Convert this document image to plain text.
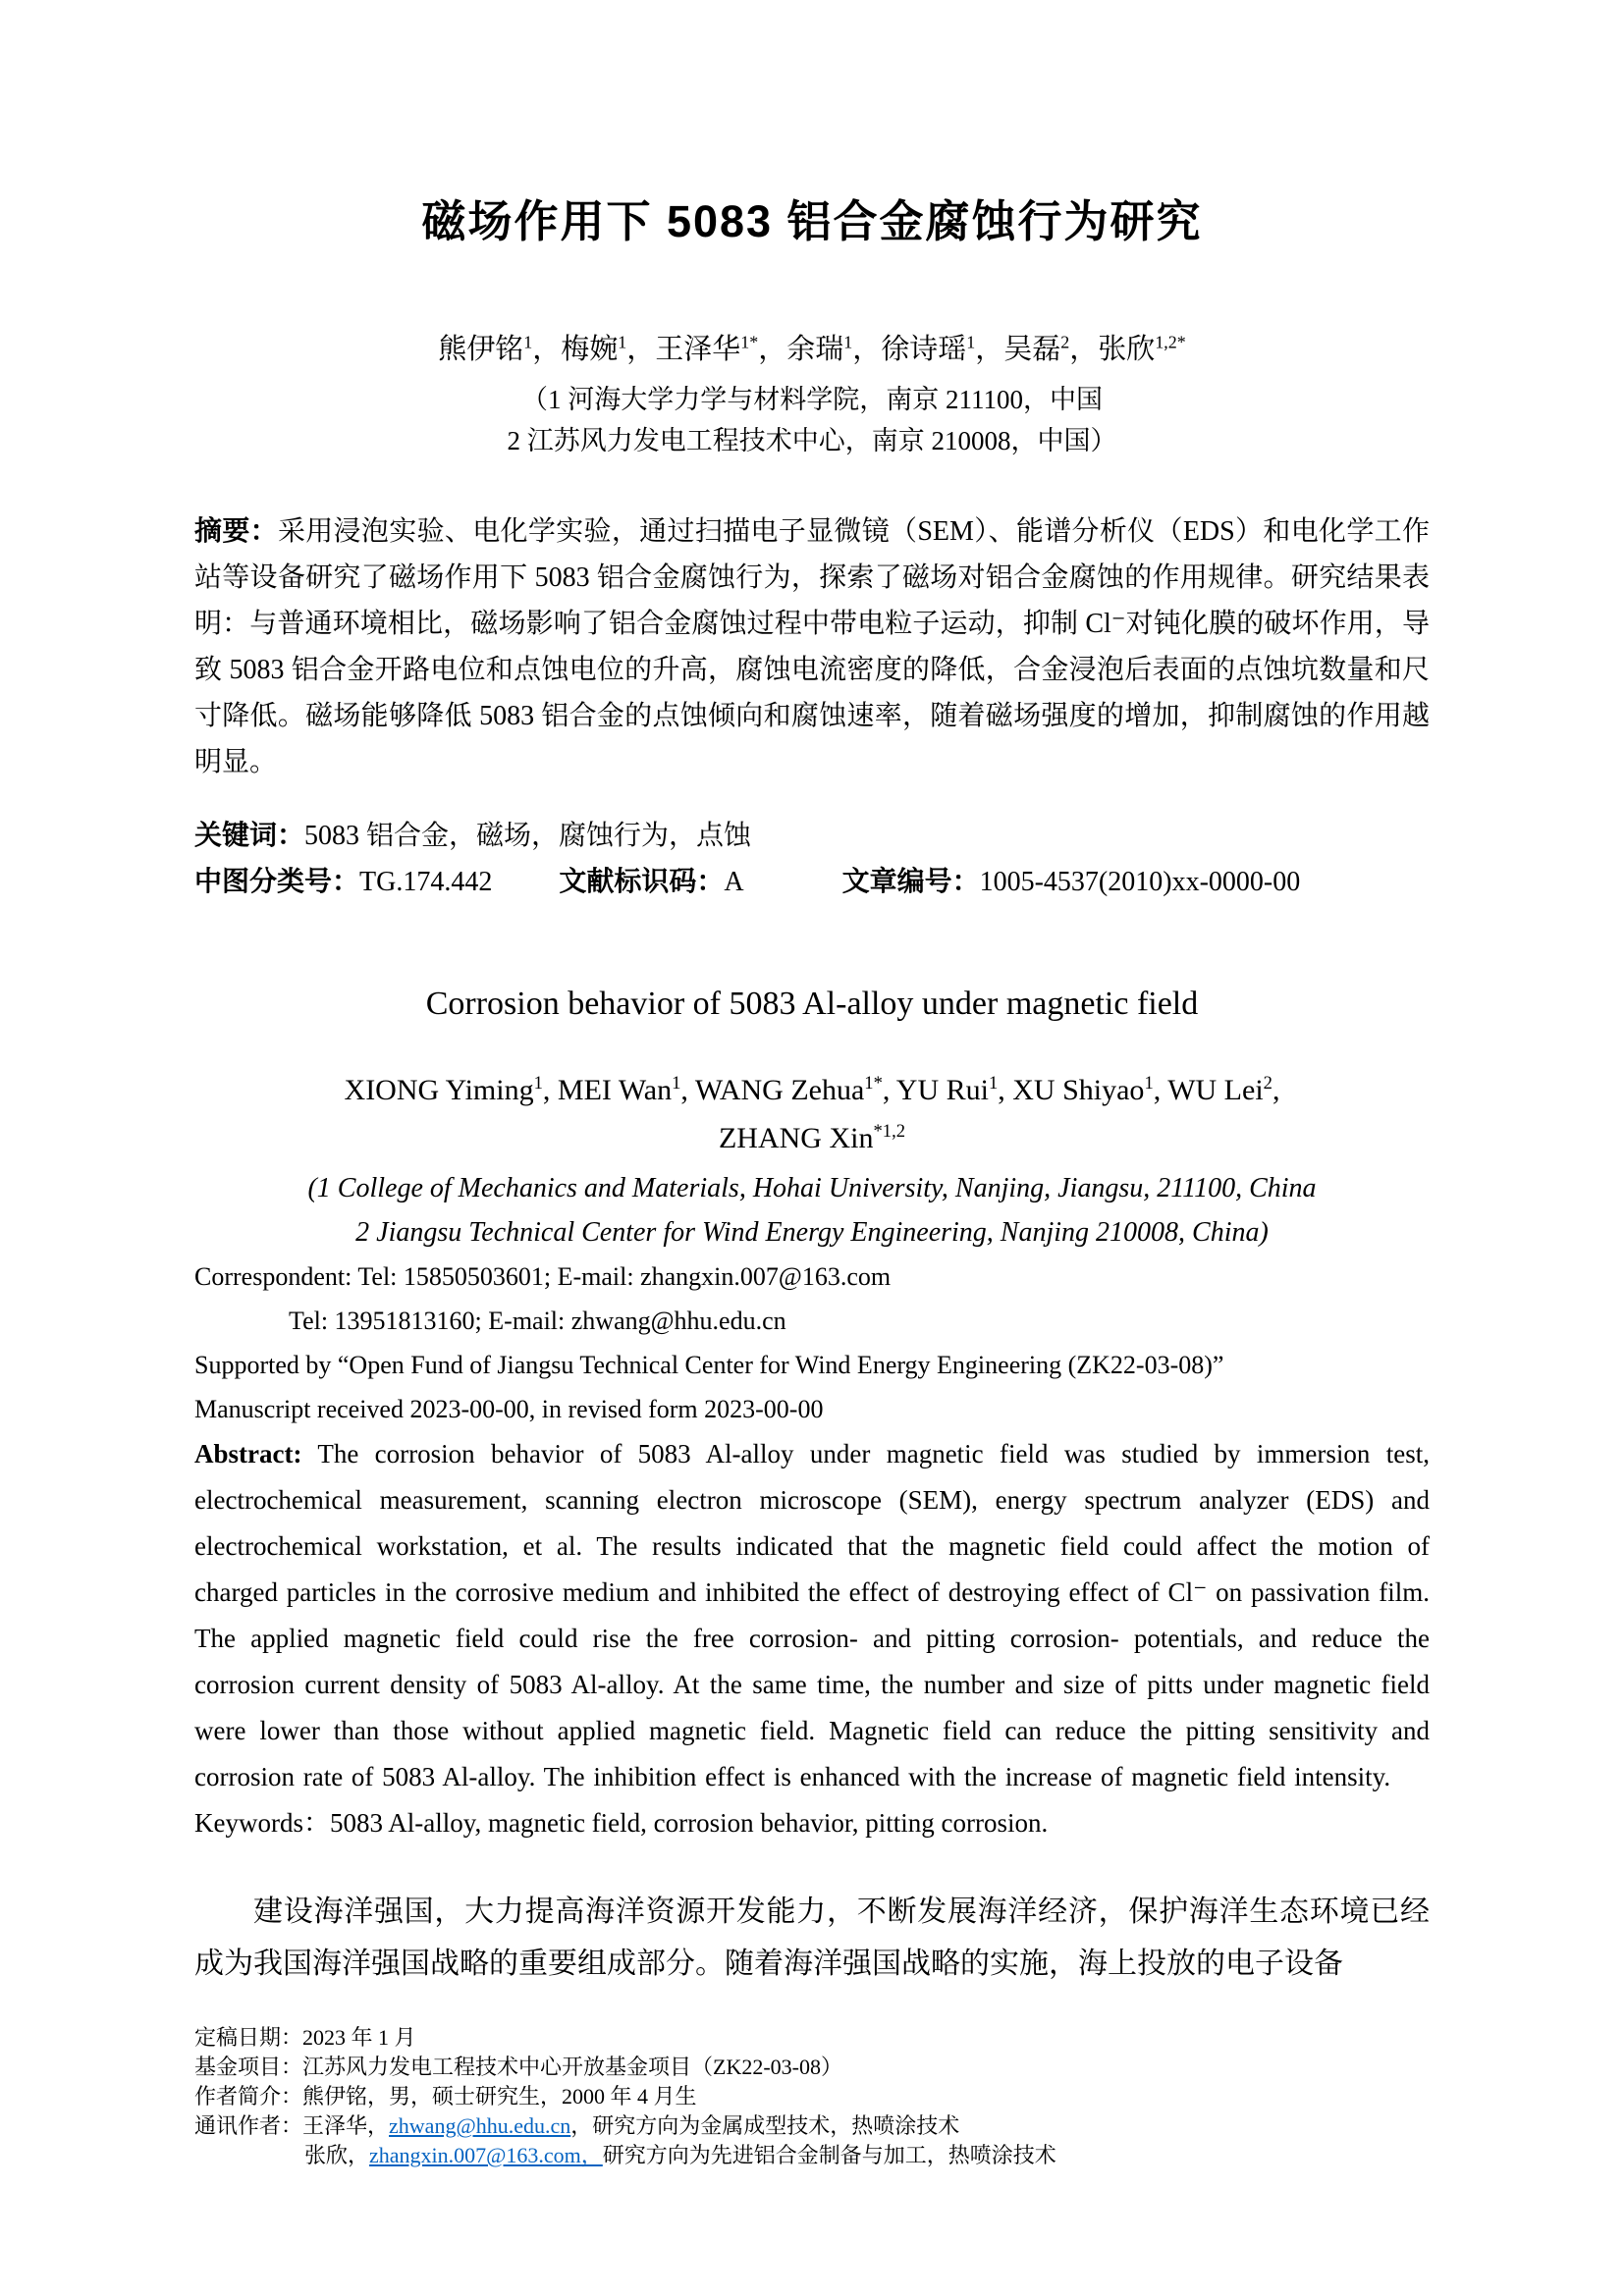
磁场作用下 5083 铝合金腐蚀行为研究
熊伊铭$^1$，梅婉$^1$，王泽华$^{1*}$，余瑞$^1$，徐诗瑶$^1$，吴磊$^2$，张欣$^{1,2*}$
（1 河海大学力学与材料学院，南京 211100，中国
2 江苏风力发电工程技术中心，南京 210008，中国）

摘要：采用浸泡实验、电化学实验，通过扫描电子显微镜（SEM）、能谱分析仪（EDS）和电化学工作站等设备研究了磁场作用下 5083 铝合金腐蚀行为，探索了磁场对铝合金腐蚀的作用规律。研究结果表明：与普通环境相比，磁场影响了铝合金腐蚀过程中带电粒子运动，抑制 Cl⁻对钝化膜的破坏作用，导致 5083 铝合金开路电位和点蚀电位的升高，腐蚀电流密度的降低，合金浸泡后表面的点蚀坑数量和尺寸降低。磁场能够降低 5083 铝合金的点蚀倾向和腐蚀速率，随着磁场强度的增加，抑制腐蚀的作用越明显。

关键词：5083 铝合金，磁场，腐蚀行为，点蚀
中图分类号：TG.174.442 文献标识码：A	文章编号：1005-4537(2010)xx-0000-00
Corrosion behavior of 5083 Al-alloy under magnetic field
XIONG Yiming$^1$, MEI Wan$^1$, WANG Zehua$^{1*}$, YU Rui$^1$, XU Shiyao$^1$, WU Lei$^2$,
ZHANG Xin$^{*1,2}$
(1 College of Mechanics and Materials, Hohai University, Nanjing, Jiangsu, 211100, China
2 Jiangsu Technical Center for Wind Energy Engineering, Nanjing 210008, China)
Correspondent: Tel: 15850503601; E-mail: zhangxin.007@163.com
Tel: 13951813160; E-mail: zhwang@hhu.edu.cn
Supported by “Open Fund of Jiangsu Technical Center for Wind Energy Engineering (ZK22-03-08)”
Manuscript received 2023-00-00, in revised form 2023-00-00

Abstract: The corrosion behavior of 5083 Al-alloy under magnetic field was studied by immersion test, electrochemical measurement, scanning electron microscope (SEM), energy spectrum analyzer (EDS) and electrochemical workstation, et al. The results indicated that the magnetic field could affect the motion of charged particles in the corrosive medium and inhibited the effect of destroying effect of Cl⁻ on passivation film. The applied magnetic field could rise the free corrosion- and pitting corrosion- potentials, and reduce the corrosion current density of 5083 Al-alloy. At the same time, the number and size of pitts under magnetic field were lower than those without applied magnetic field. Magnetic field can reduce the pitting sensitivity and corrosion rate of 5083 Al-alloy. The inhibition effect is enhanced with the increase of magnetic field intensity.

Keywords：5083 Al-alloy, magnetic field, corrosion behavior, pitting corrosion.

建设海洋强国，大力提高海洋资源开发能力，不断发展海洋经济，保护海洋生态环境已经成为我国海洋强国战略的重要组成部分。随着海洋强国战略的实施，海上投放的电子设备

定稿日期：2023 年 1 月
基金项目：江苏风力发电工程技术中心开放基金项目（ZK22-03-08）
作者简介：熊伊铭，男，硕士研究生，2000 年 4 月生
通讯作者：王泽华，zhwang@hhu.edu.cn，研究方向为金属成型技术，热喷涂技术
张欣，zhangxin.007@163.com，研究方向为先进铝合金制备与加工，热喷涂技术
